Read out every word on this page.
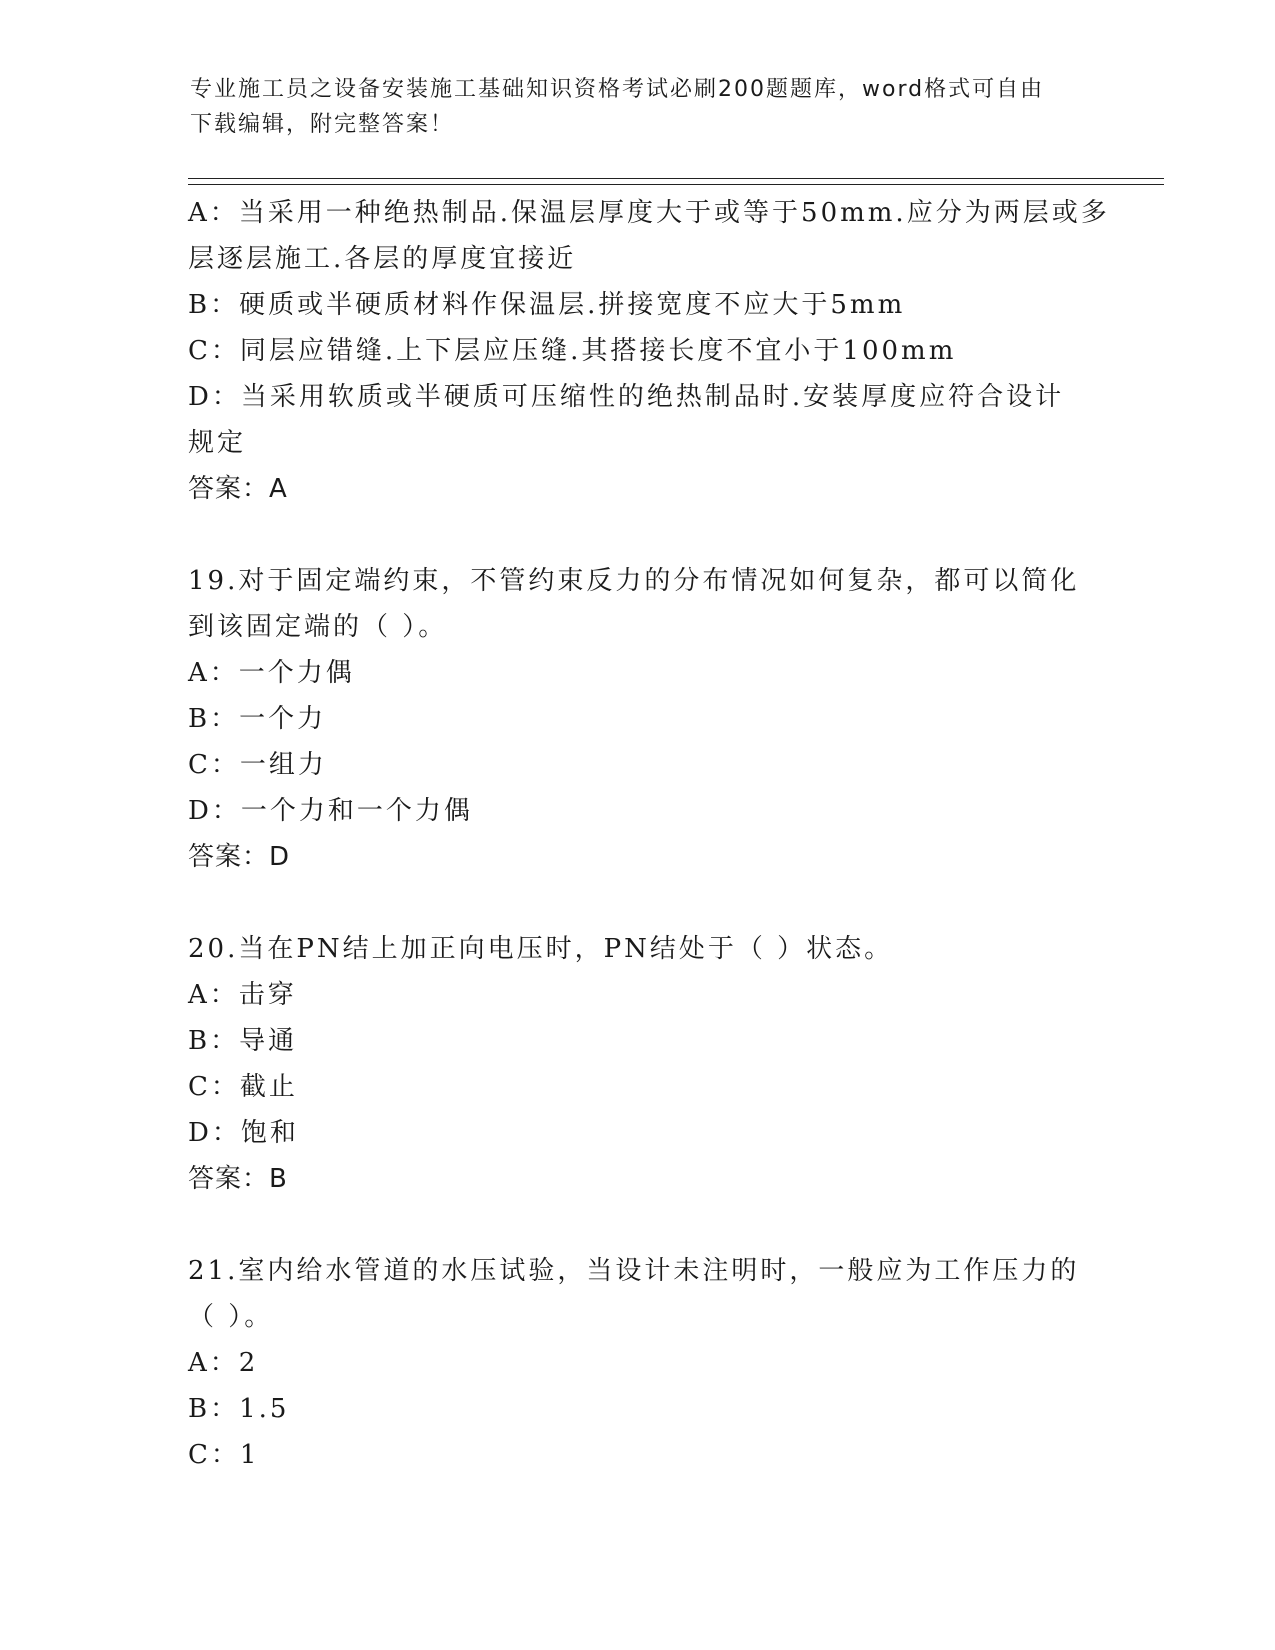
专业施工员之设备安装施工基础知识资格考试必刷200题题库，word格式可自由
下载编辑，附完整答案！
A：当采用一种绝热制品.保温层厚度大于或等于50mm.应分为两层或多
层逐层施工.各层的厚度宜接近
B：硬质或半硬质材料作保温层.拼接宽度不应大于5mm
C：同层应错缝.上下层应压缝.其搭接长度不宜小于100mm
D：当采用软质或半硬质可压缩性的绝热制品时.安装厚度应符合设计
规定
答案：A
19.对于固定端约束，不管约束反力的分布情况如何复杂，都可以简化
到该固定端的（ ）。
A：一个力偶
B：一个力
C：一组力
D：一个力和一个力偶
答案：D
20.当在PN结上加正向电压时，PN结处于（ ）状态。
A：击穿
B：导通
C：截止
D：饱和
答案：B
21.室内给水管道的水压试验，当设计未注明时，一般应为工作压力的
（ ）。
A：2
B：1.5
C：1
